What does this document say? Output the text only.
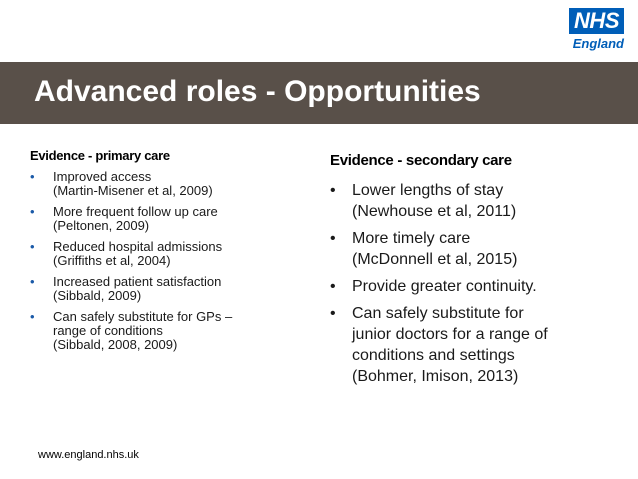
NHS
England
Advanced roles - Opportunities
Evidence - primary care
• Improved access
(Martin-Misener et al, 2009)
• More frequent follow up care
(Peltonen, 2009)
• Reduced hospital admissions
(Griffiths et al, 2004)
• Increased patient satisfaction
(Sibbald, 2009)
• Can safely substitute for GPs –
range of conditions
(Sibbald, 2008, 2009)
Evidence - secondary care
• Lower lengths of stay
(Newhouse et al, 2011)
• More timely care
(McDonnell et al, 2015)
• Provide greater continuity.
• Can safely substitute for
junior doctors for a range of
conditions and settings
(Bohmer, Imison, 2013)
www.england.nhs.uk
